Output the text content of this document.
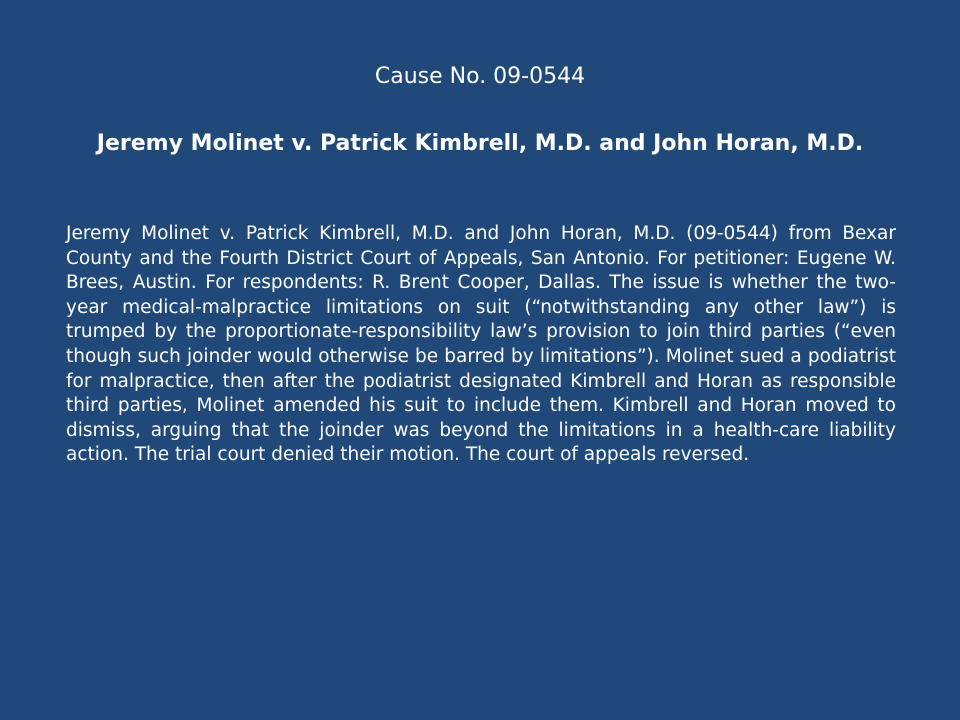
Cause No. 09-0544
Jeremy Molinet v. Patrick Kimbrell, M.D. and John Horan, M.D.

Jeremy Molinet v. Patrick Kimbrell, M.D. and John Horan, M.D. (09-0544) from Bexar County and the Fourth District Court of Appeals, San Antonio. For petitioner: Eugene W. Brees, Austin. For respondents: R. Brent Cooper, Dallas. The issue is whether the two-year medical-malpractice limitations on suit (“notwithstanding any other law”) is trumped by the proportionate-responsibility law’s provision to join third parties (“even though such joinder would otherwise be barred by limitations”). Molinet sued a podiatrist for malpractice, then after the podiatrist designated Kimbrell and Horan as responsible third parties, Molinet amended his suit to include them. Kimbrell and Horan moved to dismiss, arguing that the joinder was beyond the limitations in a health-care liability action. The trial court denied their motion. The court of appeals reversed.
